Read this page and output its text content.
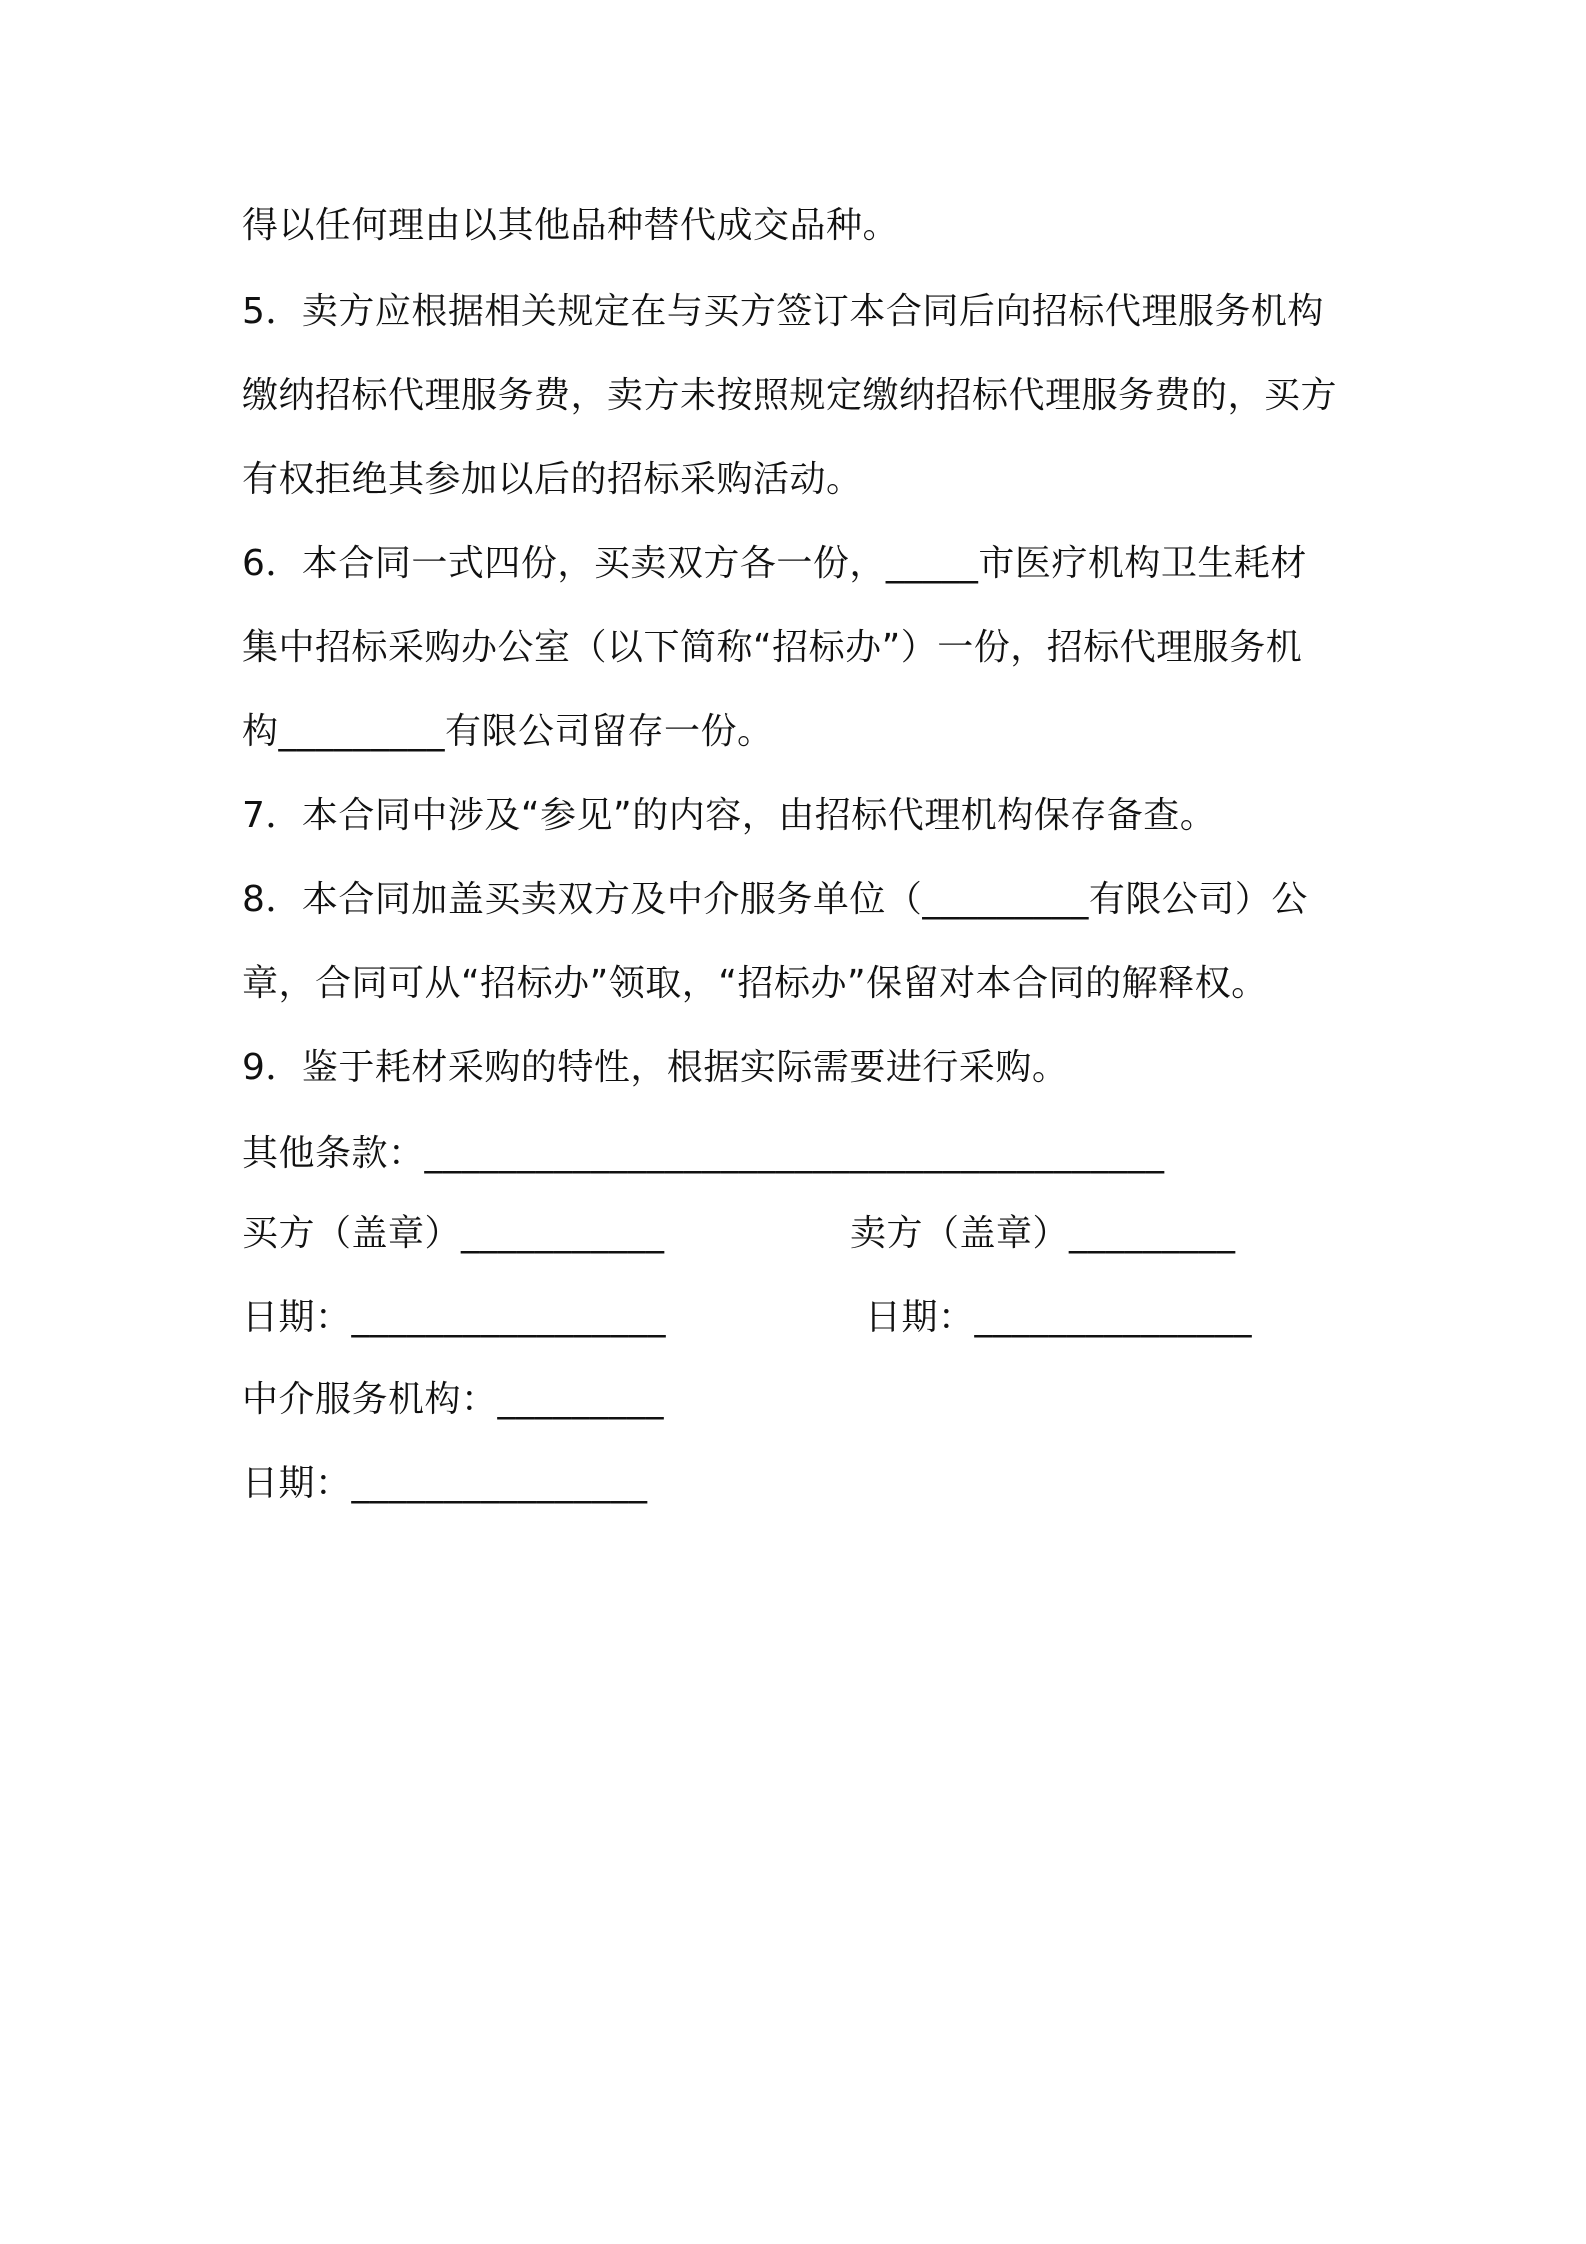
得以任何理由以其他品种替代成交品种。
5．卖方应根据相关规定在与买方签订本合同后向招标代理服务机构
缴纳招标代理服务费，卖方未按照规定缴纳招标代理服务费的，买方
有权拒绝其参加以后的招标采购活动。
6．本合同一式四份，买卖双方各一份，_____市医疗机构卫生耗材
集中招标采购办公室（以下简称“招标办”）一份，招标代理服务机
构_________有限公司留存一份。
7．本合同中涉及“参见”的内容，由招标代理机构保存备查。
8．本合同加盖买卖双方及中介服务单位（_________有限公司）公
章，合同可从“招标办”领取，“招标办”保留对本合同的解释权。
9．鉴于耗材采购的特性，根据实际需要进行采购。
其他条款：________________________________________
买方（盖章）___________	卖方（盖章）_________
日期：_________________	日期：_______________
中介服务机构：_________
日期：________________
